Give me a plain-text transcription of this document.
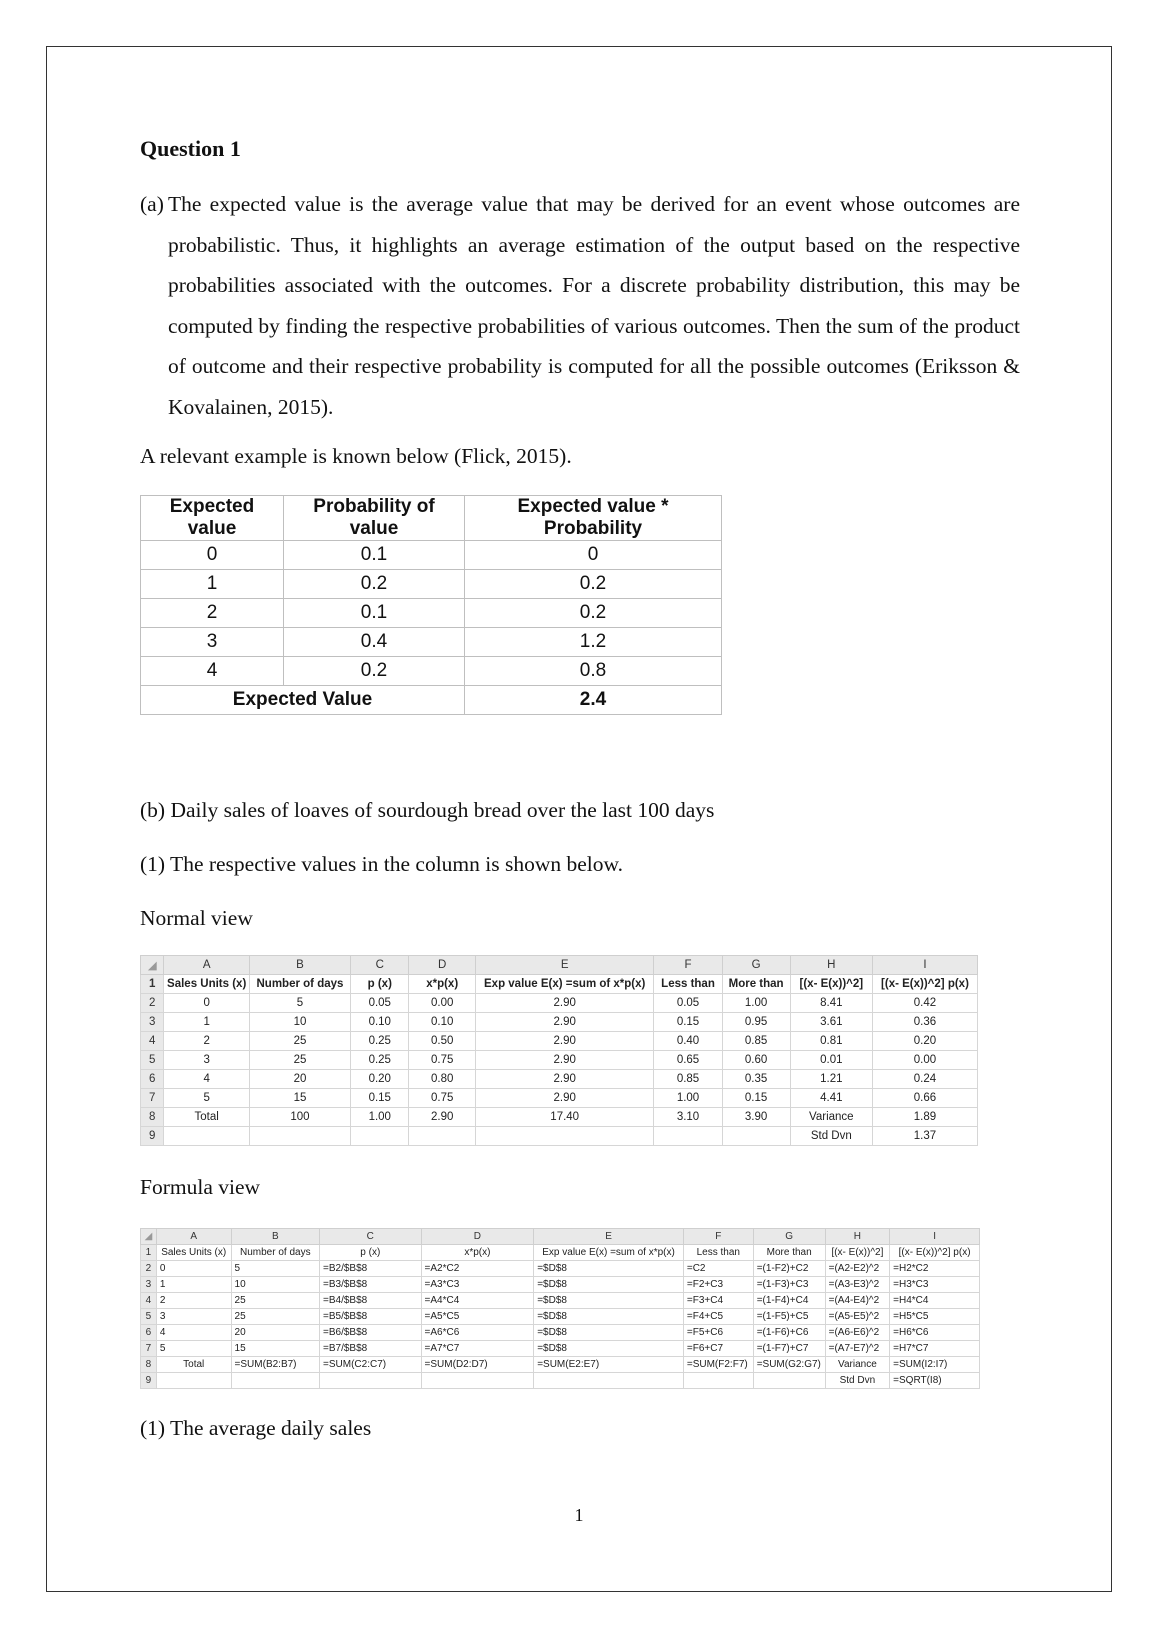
Question 1
(a) The expected value is the average value that may be derived for an event whose outcomes are probabilistic. Thus, it highlights an average estimation of the output based on the respective probabilities associated with the outcomes. For a discrete probability distribution, this may be computed by finding the respective probabilities of various outcomes. Then the sum of the product of outcome and their respective probability is computed for all the possible outcomes (Eriksson & Kovalainen, 2015).

A relevant example is known below (Flick, 2015).

Expected value	Probability of value	Expected value * Probability
0	0.1	0
1	0.2	0.2
2	0.1	0.2
3	0.4	1.2
4	0.2	0.8
Expected Value		2.4

(b) Daily sales of loaves of sourdough bread over the last 100 days

(1) The respective values in the column is shown below.

Normal view

◢	A	B	C	D	E	F	G	H	I
1	Sales Units (x)	Number of days	p (x)	x*p(x)	Exp value E(x) =sum of x*p(x)	Less than	More than	[(x- E(x))^2]	[(x- E(x))^2] p(x)
2	0	5	0.05	0.00	2.90	0.05	1.00	8.41	0.42
3	1	10	0.10	0.10	2.90	0.15	0.95	3.61	0.36
4	2	25	0.25	0.50	2.90	0.40	0.85	0.81	0.20
5	3	25	0.25	0.75	2.90	0.65	0.60	0.01	0.00
6	4	20	0.20	0.80	2.90	0.85	0.35	1.21	0.24
7	5	15	0.15	0.75	2.90	1.00	0.15	4.41	0.66
8	Total	100	1.00	2.90	17.40	3.10	3.90	Variance	1.89
9								Std Dvn	1.37

Formula view

◢	A	B	C	D	E	F	G	H	I
1	Sales Units (x)	Number of days	p (x)	x*p(x)	Exp value E(x) =sum of x*p(x)	Less than	More than	[(x- E(x))^2]	[(x- E(x))^2] p(x)
2	0	5	=B2/$B$8	=A2*C2	=$D$8	=C2	=(1-F2)+C2	=(A2-E2)^2	=H2*C2
3	1	10	=B3/$B$8	=A3*C3	=$D$8	=F2+C3	=(1-F3)+C3	=(A3-E3)^2	=H3*C3
4	2	25	=B4/$B$8	=A4*C4	=$D$8	=F3+C4	=(1-F4)+C4	=(A4-E4)^2	=H4*C4
5	3	25	=B5/$B$8	=A5*C5	=$D$8	=F4+C5	=(1-F5)+C5	=(A5-E5)^2	=H5*C5
6	4	20	=B6/$B$8	=A6*C6	=$D$8	=F5+C6	=(1-F6)+C6	=(A6-E6)^2	=H6*C6
7	5	15	=B7/$B$8	=A7*C7	=$D$8	=F6+C7	=(1-F7)+C7	=(A7-E7)^2	=H7*C7
8	Total	=SUM(B2:B7)	=SUM(C2:C7)	=SUM(D2:D7)	=SUM(E2:E7)	=SUM(F2:F7)	=SUM(G2:G7)	Variance	=SUM(I2:I7)
9								Std Dvn	=SQRT(I8)

(1) The average daily sales

1
